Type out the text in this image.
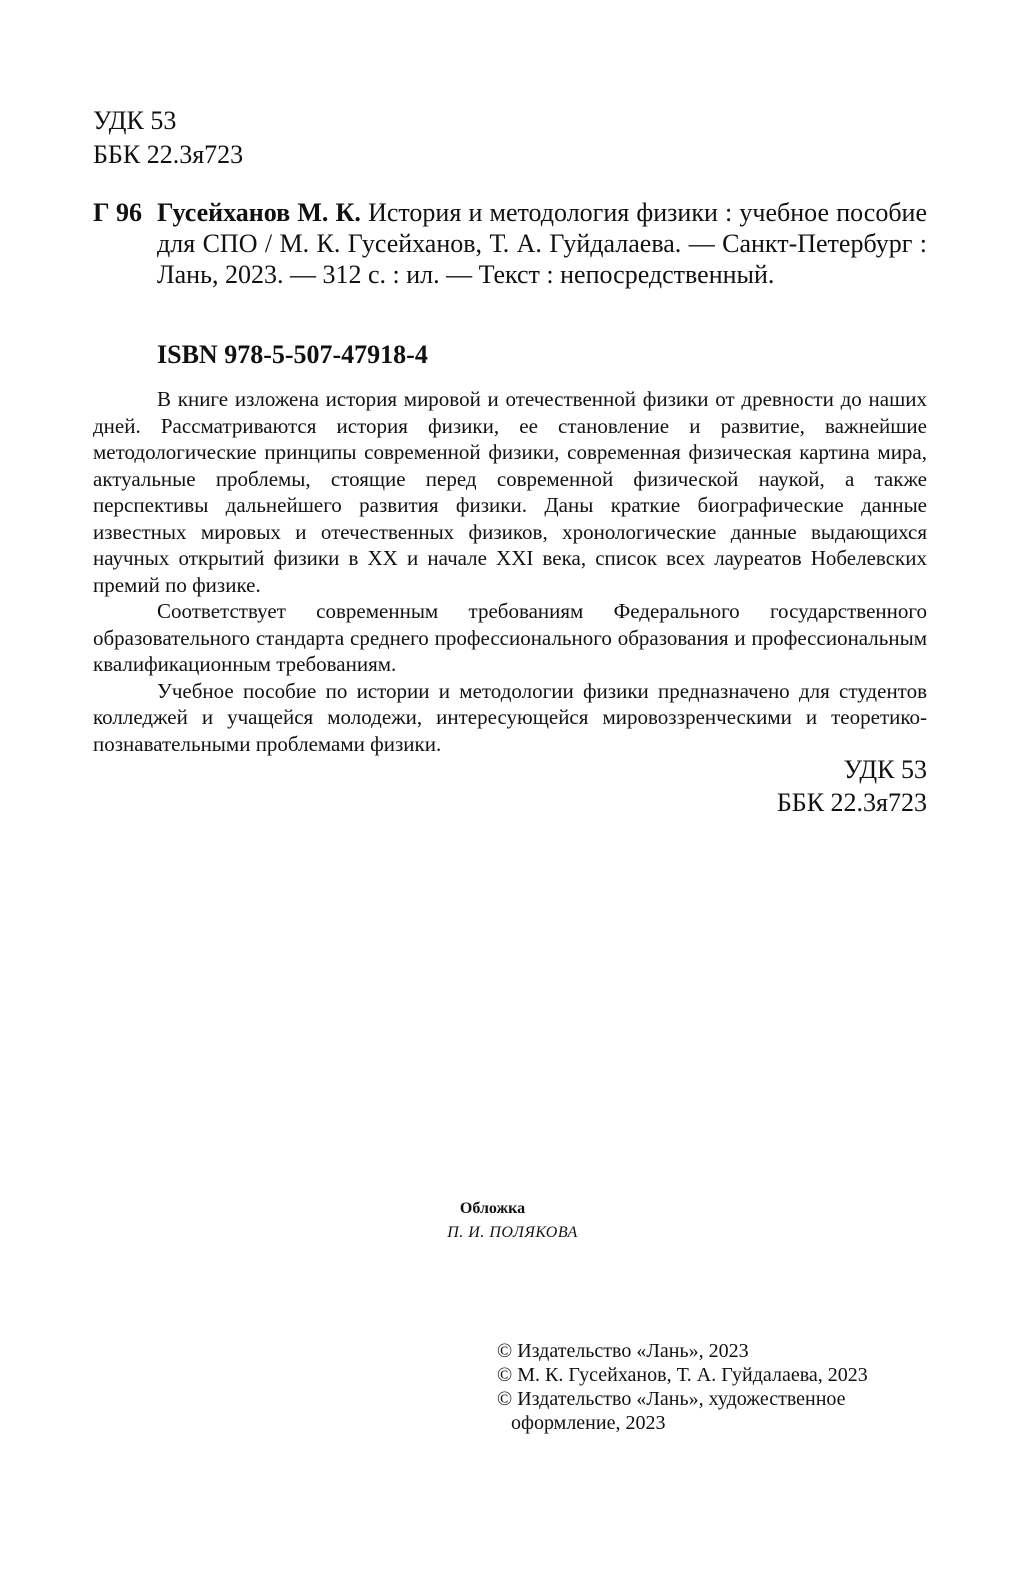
УДК 53
ББК 22.3я723
Г 96 Гусейханов М. К. История и методология физики : учебное пособие для СПО / М. К. Гусейханов, Т. А. Гуйдалаева. — Санкт-Петербург : Лань, 2023. — 312 с. : ил. — Текст : непосредственный.
ISBN 978-5-507-47918-4

В книге изложена история мировой и отечественной физики от древности до наших дней. Рассматриваются история физики, ее становление и развитие, важнейшие методологические принципы современной физики, современная физическая картина мира, актуальные проблемы, стоящие перед современной физической наукой, а также перспективы дальнейшего развития физики. Даны краткие биографические данные известных мировых и отечественных физиков, хронологические данные выдающихся научных открытий физики в XX и начале XXI века, список всех лауреатов Нобелевских премий по физике.

Соответствует современным требованиям Федерального государственного образовательного стандарта среднего профессионального образования и профессиональным квалификационным требованиям.

Учебное пособие по истории и методологии физики предназначено для студентов колледжей и учащейся молодежи, интересующейся мировоззренческими и теоретико-познавательными проблемами физики.

УДК 53
ББК 22.3я723
Обложка
П. И. ПОЛЯКОВА
© Издательство «Лань», 2023
© М. К. Гусейханов, Т. А. Гуйдалаева, 2023
© Издательство «Лань», художественное
оформление, 2023
